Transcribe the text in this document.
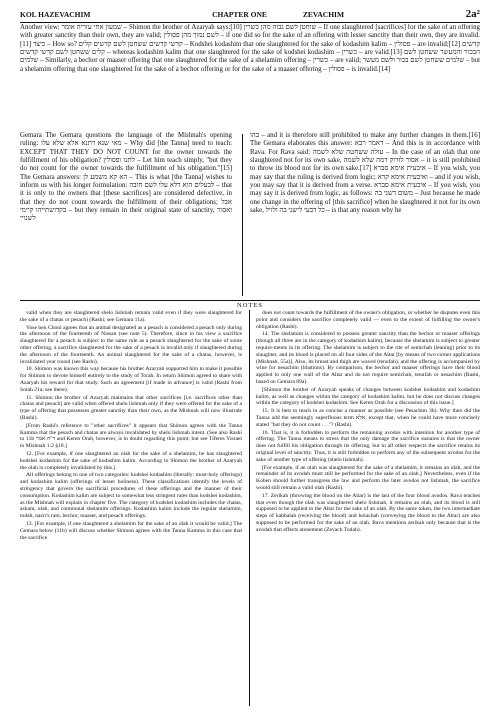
KOL HAZEVACHIM	CHAPTER ONE	ZEVACHIM	2a²
Another view: שמעון אחי עזריה אומר – Shimon the brother of Azaryah says:[10] שוחטן לשם גבוה מהן כשרין – If one slaughtered [sacrifices] for the sake of an offering with greater sanctity than their own, they are valid; לשם נמוך מהן פסולין – if one did so for the sake of an offering with lesser sanctity than their own, they are invalid.[11] כיצד – How so? קדשי קדשים ששחטן לשם קדשים קלים – Kodshei kodashim that one slaughtered for the sake of kodashim kalim – פסולין – are invalid;[12] קדשים קלים ששחטן לשם קדשי קדשים – whereas kodashim kalim that one slaughtered for the sake of kodshei kodashim – כשרין – are valid.[13] הבכור והמעשר ששחטן לשם שלמים – Similarly, a bechor or maaser offering that one slaughtered for the sake of a shelamim offering – כשרין – are valid; שלמים ששחטן לשם בכור ולשם מעשר – but a shelamim offering that one slaughtered for the sake of a bechor offering or for the sake of a maaser offering – פסולין – is invalid.[14]
Gemara The Gemara questions the language of the Mishnah's opening ruling: מאי שנא דתנא אלא שלא עלו – Why did [the Tanna] need to teach: EXCEPT THAT THEY DO NOT COUNT for the owner towards the fulfillment of his obligation? לתנו ופסולין – Let him teach simply, "but they do not count for the owner towards the fulfillment of his obligation."[15] The Gemara answers: הא קא משמע לן – This is what [the Tanna] wishes to inform us with his longer formulation: לבעלים הוא דלא עלו לשם חובה – that it is only to the owners that [these sacrifices] are considered defective, in that they do not count towards the fulfillment of their obligations; אבל בקדושתייהו קיימי – but they remain in their original state of sanctity, ואסור לשנויי
בהו – and it is therefore still prohibited to make any further changes in them.[16] The Gemara elaborates this answer: דאמר רבא – And this is in accordance with Rava. For Rava said: עולה ששחטה שלא לשמה – In the case of an olah that one slaughtered not for its own sake, אסור לזרוק דמה שלא לשמה – it is still prohibited to throw its blood not for its own sake.[17] איבעית אימא סברא – If you wish, you may say that the ruling is derived from logic; ואיבעית אימא קרא – and if you wish, you may say that it is derived from a verse. איבעית אימא סברא – If you wish, you may say it is derived from logic, as follows: משום דשני בה – Just because he made one change in the offering of [this sacrifice] when he slaughtered it not for its own sake, כל דבעי לישני בה ולזיל – is that any reason why he
NOTES

valid when they are slaughtered shelo lishmah remain valid even if they were slaughtered for the sake of a chatas or pesach) (Rashi; see Gemara 11a).

Yose ben Choni agrees that an animal designated as a pesach is considered a pesach only during the afternoon of the fourteenth of Nissan (see note 5). Therefore, since in his view a sacrifice slaughtered for a pesach is subject to the same rule as a pesach slaughtered for the sake of some other offering, a sacrifice slaughtered for the sake of a pesach is invalid only if slaughtered during the afternoon of the fourteenth. An animal slaughtered for the sake of a chatas, however, is invalidated year round (see Rashi).

10. Shimon was known this way because his brother Azaryah supported him to make it possible for Shimon to devote himself entirely to the study of Torah. In return Shimon agreed to share with Azaryah his reward for that study. Such an agreement [if made in advance] is valid (Rashi from Sotah 21a; see there).

11. Shimon the brother of Azaryah maintains that other sacrifices [i.e. sacrifices other than chatas and pesach] are valid when offered shelo lishmah only if they were offered for the sake of a type of offering that possesses greater sanctity than their own, as the Mishnah will now illustrate (Rashi).

[From Rashi's reference to "other sacrifices" it appears that Shimon agrees with the Tanna Kamma that the pesach and chatas are always invalidated by shelo lishmah intent. (See also Rashi to 11b ד"ה אמר and Keren Orah, however, is in doubt regarding this point; but see Tiferes Yisrael to Mishnah 1:2 §18.]

12. [For example, if one slaughtered an olah for the sake of a shelamim, he has slaughtered kodshei kodashim for the sake of kodashim kalim. According to Shimon the brother of Azaryah the olah is completely invalidated by this.]

All offerings belong to one of two categories: kodshei kodashim (literally: most-holy offerings) and kodashim kalim (offerings of lesser holiness). These classifications identify the levels of stringency that govern the sacrificial procedures of these offerings and the manner of their consumption. Kodashim kalim are subject to somewhat less stringent rules than kodshei kodashim, as the Mishnah will explain in chapter five. The category of kodshei kodashim includes the chatas, asham, olah, and communal shelamim offerings. Kodashim kalim include the regular shelamim, todah, nazir's ram, bechor, maaser, and pesach offerings.

13. [For example, if one slaughtered a shelamim for the sake of an olah it would be valid.] The Gemara below (11b) will discuss whether Shimon agrees with the Tanna Kamma in this case that the sacrifice

does not count towards the fulfillment of the owner's obligation, or whether he disputes even this point and considers the sacrifice completely valid — even to the extent of fulfilling the owner's obligation (Rashi).

14. The shelamim is considered to possess greater sanctity than the bechor or maaser offerings (though all three are in the category of kodashim kalim), because the shelamim is subject to greater require-ments in its offering. The shelamim is subject to the rite of semichah (leaning) prior to its slaughter, and its blood is placed on all four sides of the Altar [by means of two corner applications (Mishnah, 55a)]. Also, its breast and thigh are waved (tenufah), and the offering is accompanied by wine for nesachim (libations). By comparison, the bechor and maaser offerings have their blood applied to only one wall of the Altar and do not require semichah, tenufah or nesachim (Rashi, based on Gemara 89a).

[Shimon the brother of Azaryah speaks of changes between kodshei kodashim and kodashim kalim, as well as changes within the category of kodashim kalim, but he does not discuss changes within the category of kodshei kodashim. See Keren Orah for a discussion of this issue.]

15. It is best to teach in as concise a manner as possible (see Pesachim 3b). Why then did the Tanna add the seemingly superfluous term אלא, except that, when he could have more concisely stated "but they do not count . . ."? (Rashi).

16. That is, it is forbidden to perform the remaining avodos with intention for another type of offering. The Tanna means to stress that the only damage the sacrifice sustains is that the owner does not fulfill his obligation through its offering, but in all other respects the sacrifice retains its original level of sanctity. Thus, it is still forbidden to perform any of the subsequent avodos for the sake of another type of offering (shelo lishmah).

[For example, if an olah was slaughtered for the sake of a shelamim, it remains an olah, and the remainder of its avodah must still be performed for the sake of an olah.] Nevertheless, even if the Kohen should further transgress the law and perform the later avodos not lishmah, the sacrifice would still remain a valid olah (Rashi).

17. Zerikah (throwing the blood on the Altar) is the last of the four blood avodos. Rava teaches that even though the olah was slaughtered shelo lishmah, it remains an olah, and its blood is still supposed to be applied to the Altar for the sake of an olah. By the same token, the two intermediate steps of kabbalah (receiving the blood) and holachah (conveying the blood to the Altar) are also supposed to be performed for the sake of an olah. Rava mentions zerikah only because that is the avodah that effects atonement (Zevach Todah).
